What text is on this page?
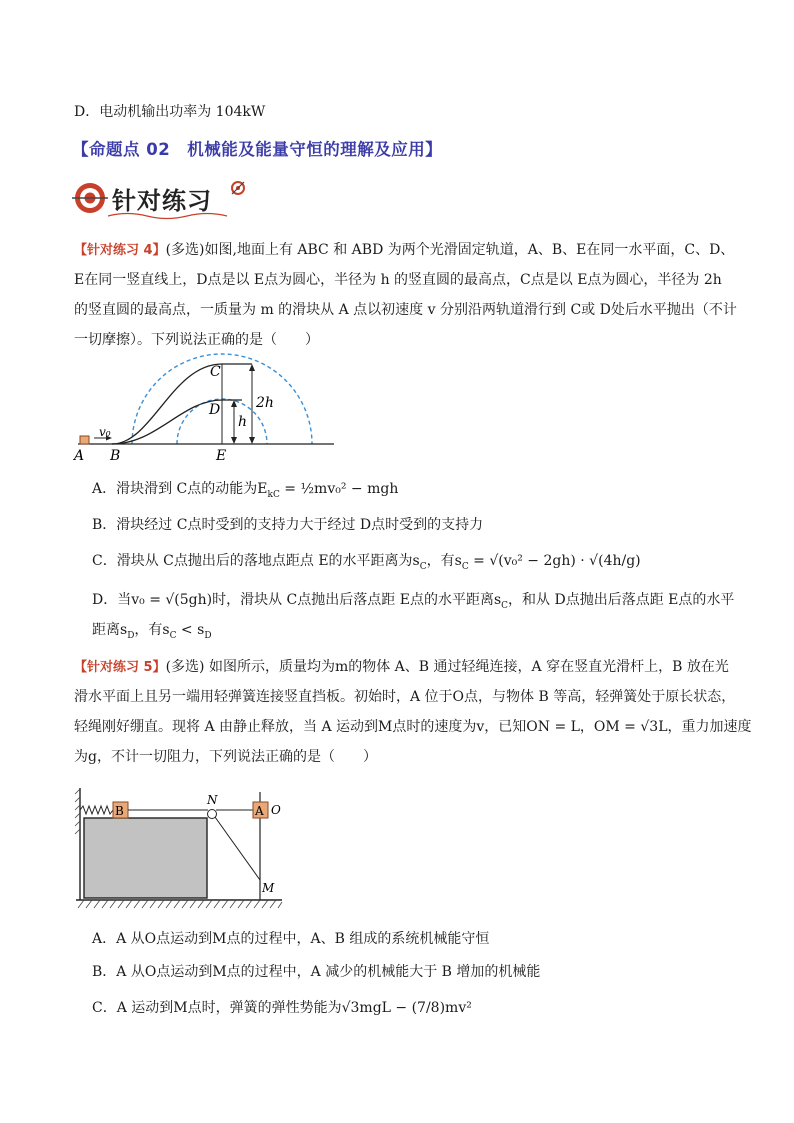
D．电动机输出功率为 104kW
【命题点 02　机械能及能量守恒的理解及应用】
针对练习
【针对练习 4】(多选)如图,地面上有 ABC 和 ABD 为两个光滑固定轨道，A、B、E在同一水平面，C、D、
E在同一竖直线上，D点是以 E点为圆心，半径为 h 的竖直圆的最高点，C点是以 E点为圆心，半径为 2h
的竖直圆的最高点，一质量为 m 的滑块从 A 点以初速度 v 分别沿两轨道滑行到 C或 D处后水平抛出（不计
一切摩擦）。下列说法正确的是（　　）
v₀
C
D	2h
h
A B	E
A．滑块滑到 C点的动能为$E_{kC}$ = ½mv₀² − mgh
B．滑块经过 C点时受到的支持力大于经过 D点时受到的支持力
C．滑块从 C点抛出后的落地点距点 E的水平距离为$s_C$，有$s_C = √(v_0^2 - 2gh) \cdot √(4h/g)$
D．当v₀ = √(5gh)时，滑块从 C点抛出后落点距 E点的水平距离$s_C$，和从 D点抛出后落点距 E点的水平
距离$s_D$，有$s_C < s_D$
【针对练习 5】(多选) 如图所示，质量均为m的物体 A、B 通过轻绳连接，A 穿在竖直光滑杆上，B 放在光
滑水平面上且另一端用轻弹簧连接竖直挡板。初始时，A 位于O点，与物体 B 等高，轻弹簧处于原长状态，
轻绳刚好绷直。现将 A 由静止释放，当 A 运动到M点时的速度为v，已知ON = L，OM = √3L，重力加速度
为g，不计一切阻力，下列说法正确的是（　　）
B
N
A O
M
A．A 从O点运动到M点的过程中，A、B 组成的系统机械能守恒
B．A 从O点运动到M点的过程中，A 减少的机械能大于 B 增加的机械能
C．A 运动到M点时，弹簧的弹性势能为√3mgL − (7/8)mv²
